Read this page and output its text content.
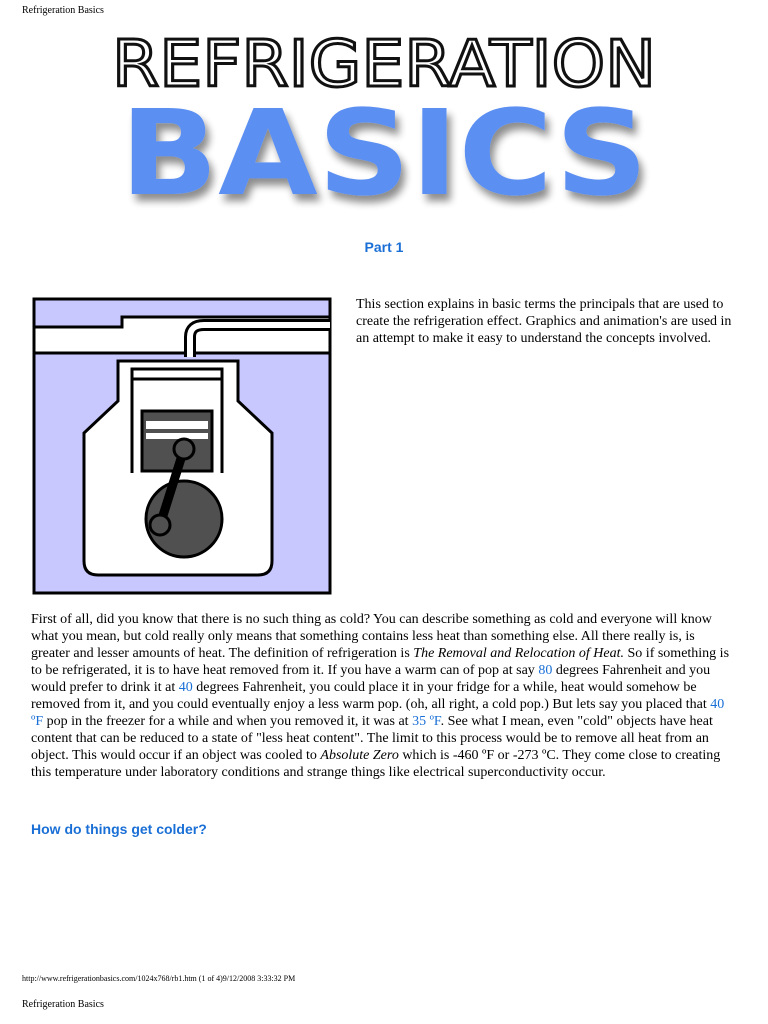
Refrigeration Basics
REFRIGERATION
BASICS
Part 1

This section explains in basic terms the principals that are used to create the refrigeration effect. Graphics and animation's are used in an attempt to make it easy to understand the concepts involved.

First of all, did you know that there is no such thing as cold? You can describe something as cold and everyone will know what you mean, but cold really only means that something contains less heat than something else. All there really is, is greater and lesser amounts of heat. The definition of refrigeration is The Removal and Relocation of Heat. So if something is to be refrigerated, it is to have heat removed from it. If you have a warm can of pop at say 80 degrees Fahrenheit and you would prefer to drink it at 40 degrees Fahrenheit, you could place it in your fridge for a while, heat would somehow be removed from it, and you could eventually enjoy a less warm pop. (oh, all right, a cold pop.) But lets say you placed that 40 ºF pop in the freezer for a while and when you removed it, it was at 35 ºF. See what I mean, even "cold" objects have heat content that can be reduced to a state of "less heat content". The limit to this process would be to remove all heat from an object. This would occur if an object was cooled to Absolute Zero which is -460 ºF or -273 ºC. They come close to creating this temperature under laboratory conditions and strange things like electrical superconductivity occur.

How do things get colder?
http://www.refrigerationbasics.com/1024x768/rb1.htm (1 of 4)9/12/2008 3:33:32 PM
Refrigeration Basics
